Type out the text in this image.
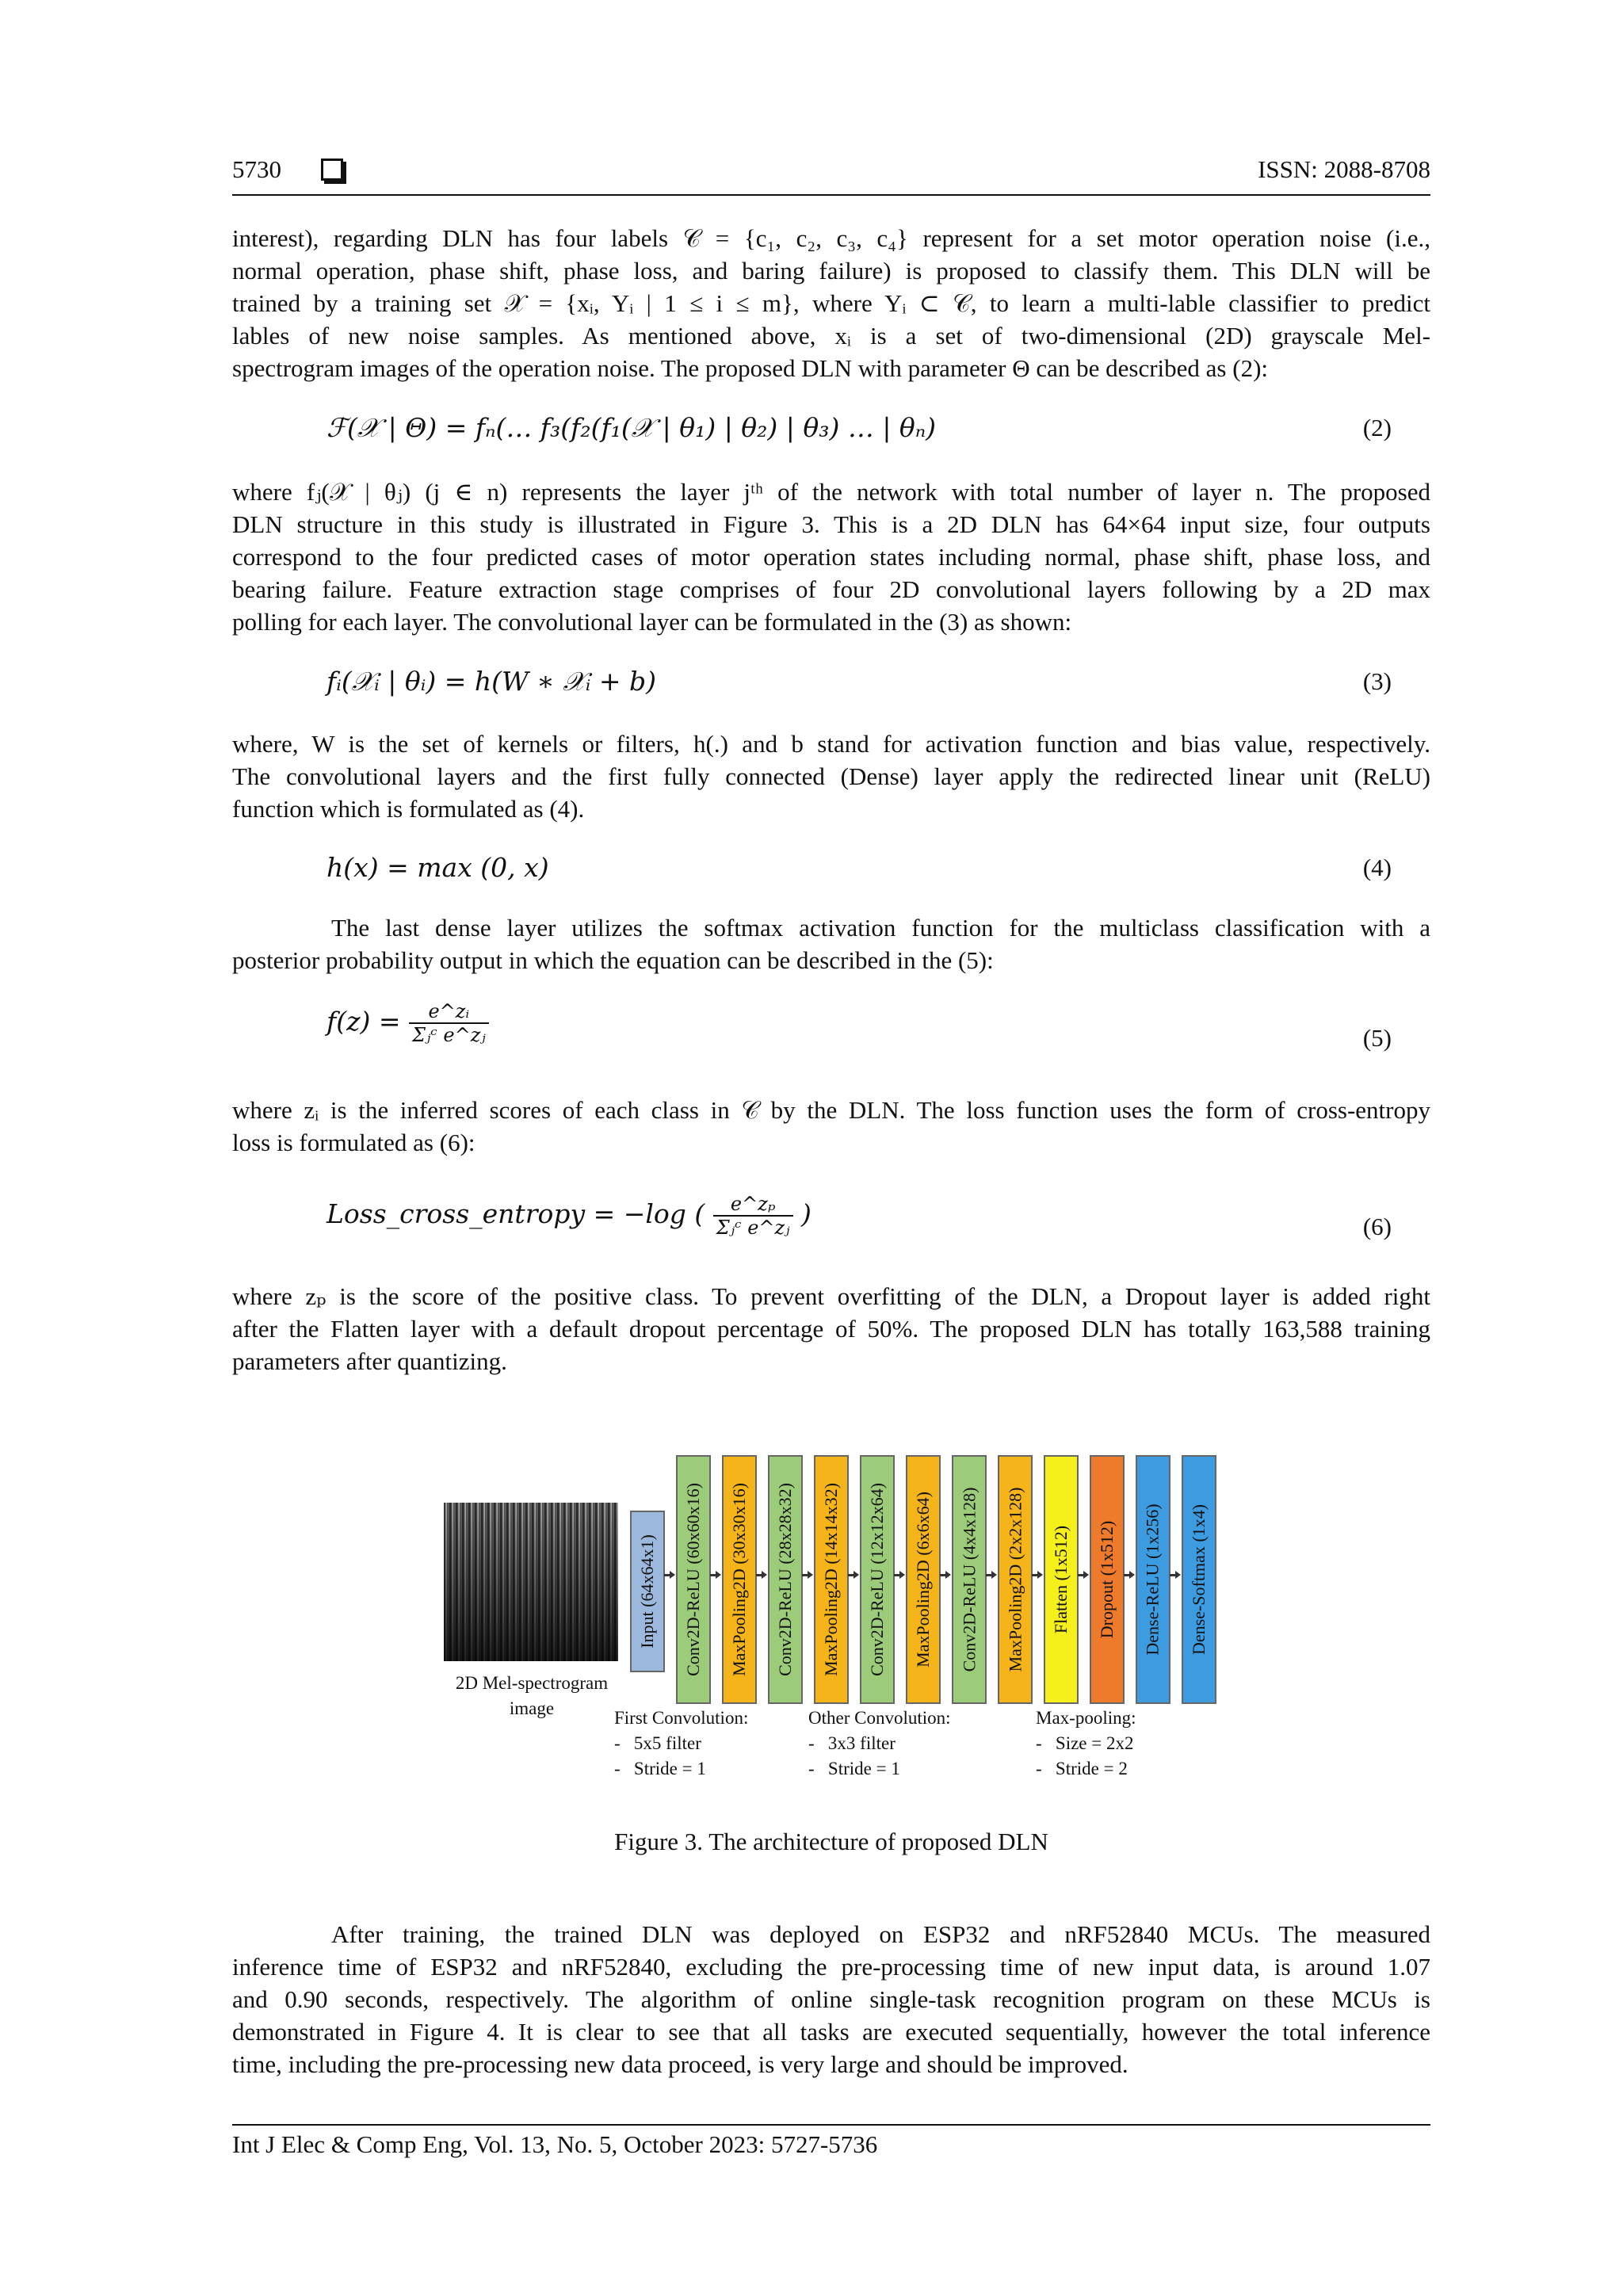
5730	ISSN: 2088-8708
interest), regarding DLN has four labels 𝒞 = {c₁, c₂, c₃, c₄} represent for a set motor operation noise (i.e.,
normal operation, phase shift, phase loss, and baring failure) is proposed to classify them. This DLN will be
trained by a training set 𝒳 = {xᵢ, Yᵢ | 1 ≤ i ≤ m}, where Yᵢ ⊂ 𝒞, to learn a multi-lable classifier to predict
lables of new noise samples. As mentioned above, xᵢ is a set of two-dimensional (2D) grayscale Mel-
spectrogram images of the operation noise. The proposed DLN with parameter Θ can be described as (2):
ℱ(𝒳 | Θ) = fₙ(… f₃(f₂(f₁(𝒳 | θ₁) | θ₂) | θ₃) … | θₙ)	(2)
where fⱼ(𝒳 | θⱼ) (j ∈ n) represents the layer jᵗʰ of the network with total number of layer n. The proposed
DLN structure in this study is illustrated in Figure 3. This is a 2D DLN has 64×64 input size, four outputs
correspond to the four predicted cases of motor operation states including normal, phase shift, phase loss, and
bearing failure. Feature extraction stage comprises of four 2D convolutional layers following by a 2D max
polling for each layer. The convolutional layer can be formulated in the (3) as shown:
fᵢ(𝒳ᵢ | θᵢ) = h(W ∗ 𝒳ᵢ + b)	(3)
where, W is the set of kernels or filters, h(.) and b stand for activation function and bias value, respectively.
The convolutional layers and the first fully connected (Dense) layer apply the redirected linear unit (ReLU)
function which is formulated as (4).
h(x) = max (0, x)	(4)
The last dense layer utilizes the softmax activation function for the multiclass classification with a
posterior probability output in which the equation can be described in the (5):
$f(z) = \frac{\text{e\textasciicircum{}zᵢ}}{\text{Σⱼᶜ e\textasciicircum{}zⱼ}}$	(5)
where zᵢ is the inferred scores of each class in 𝒞 by the DLN. The loss function uses the form of cross-entropy
loss is formulated as (6):
Loss_cross_entropy = −log ( $\frac{\text{e\textasciicircum{}zₚ}}{\text{Σⱼᶜ e\textasciicircum{}zⱼ}}$ )	(6)
where zₚ is the score of the positive class. To prevent overfitting of the DLN, a Dropout layer is added right
after the Flatten layer with a default dropout percentage of 50%. The proposed DLN has totally 163,588 training
parameters after quantizing.
2D Mel-spectrogram
image
Input (64x64x1) Conv2D-ReLU (60x60x16) MaxPooling2D (30x30x16) Conv2D-ReLU (28x28x32) MaxPooling2D (14x14x32) Conv2D-ReLU (12x12x64) MaxPooling2D (6x6x64) Conv2D-ReLU (4x4x128) MaxPooling2D (2x2x128) Flatten (1x512) Dropout (1x512) Dense-ReLU (1x256) Dense-Softmax (1x4)
First Convolution:
-   5x5 filter
-   Stride = 1
Other Convolution:
-   3x3 filter
-   Stride = 1
Max-pooling:
-   Size = 2x2
-   Stride = 2
Figure 3. The architecture of proposed DLN
After training, the trained DLN was deployed on ESP32 and nRF52840 MCUs. The measured
inference time of ESP32 and nRF52840, excluding the pre-processing time of new input data, is around 1.07
and 0.90 seconds, respectively. The algorithm of online single-task recognition program on these MCUs is
demonstrated in Figure 4. It is clear to see that all tasks are executed sequentially, however the total inference
time, including the pre-processing new data proceed, is very large and should be improved.
Int J Elec & Comp Eng, Vol. 13, No. 5, October 2023: 5727-5736
